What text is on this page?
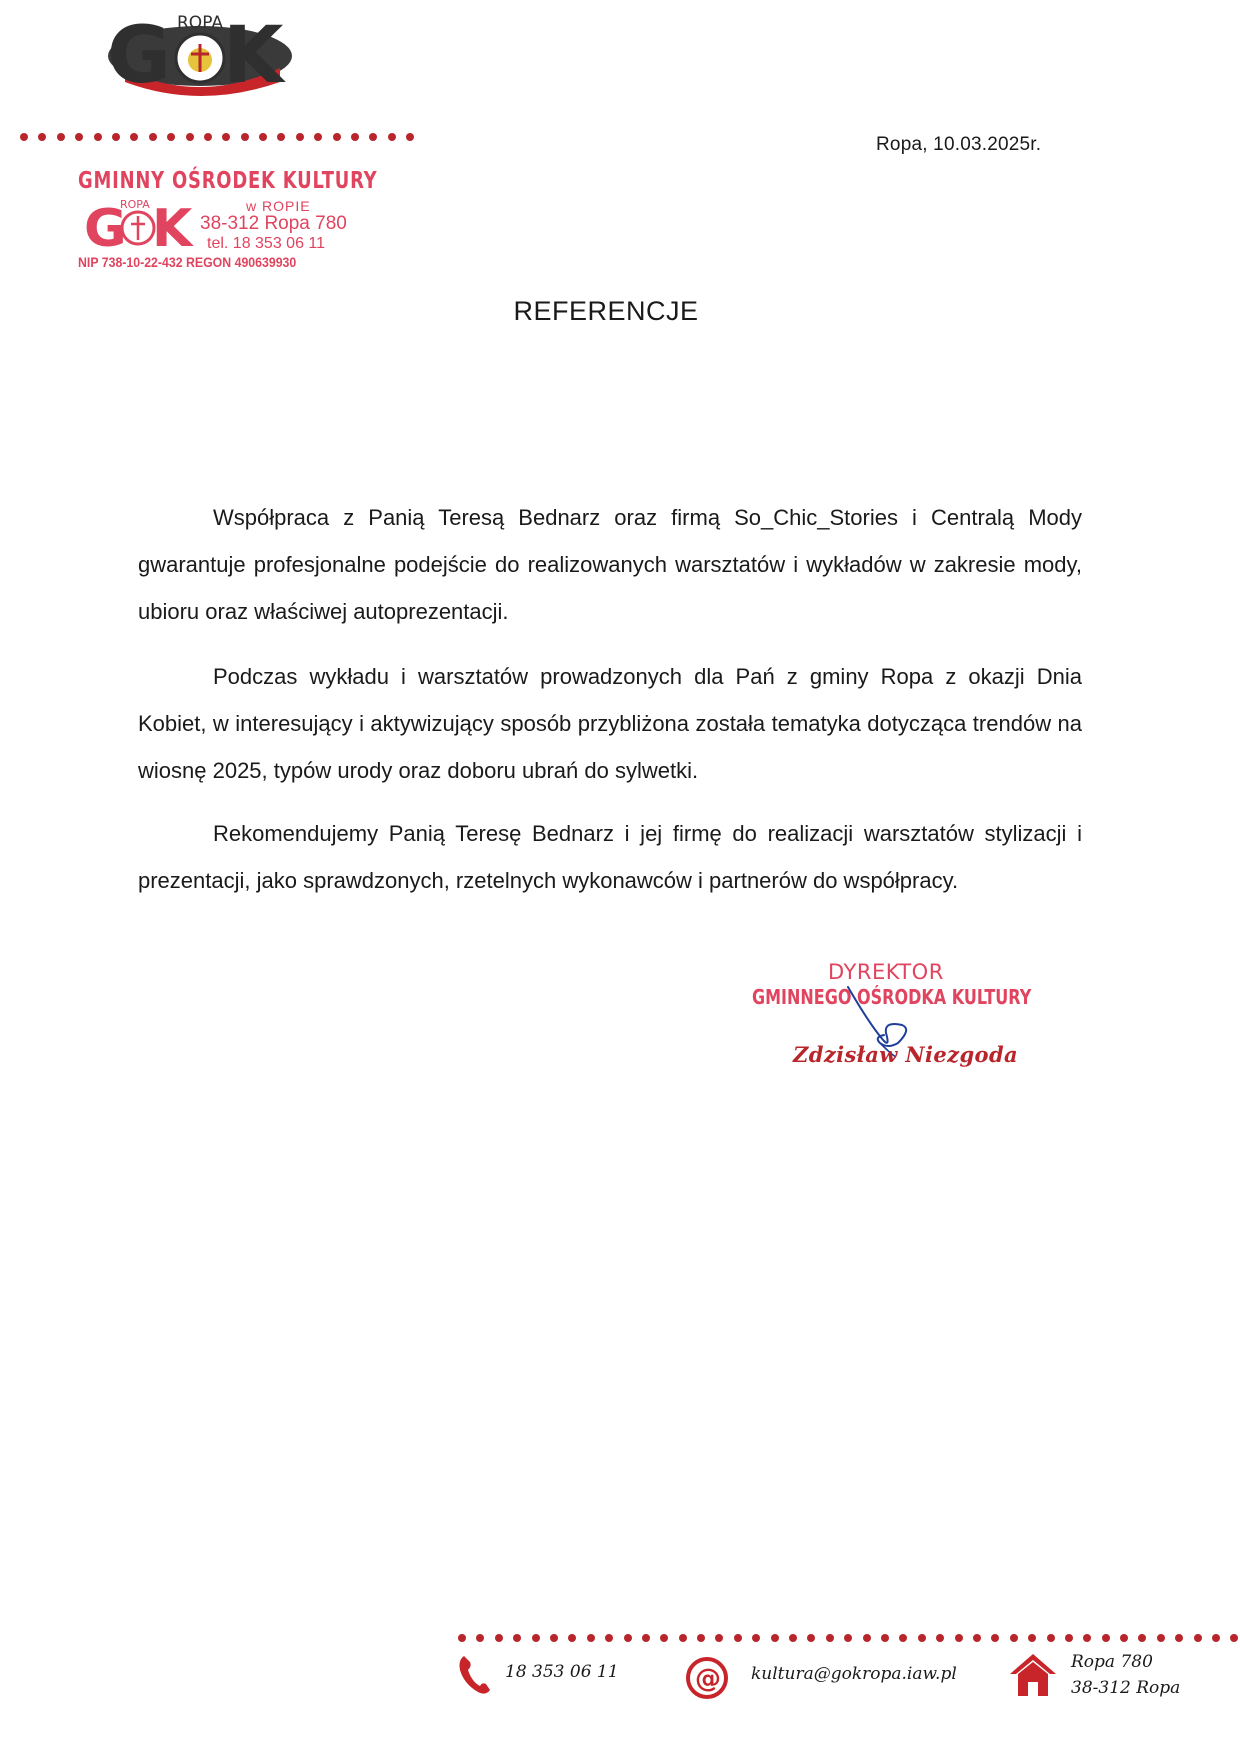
G K
ROPA
Ropa, 10.03.2025r.
GMINNY OŚRODEK KULTURY
G K
ROPA	w ROPIE
38-312 Ropa 780
tel. 18 353 06 11
NIP 738-10-22-432 REGON 490639930
REFERENCJE

Współpraca z Panią Teresą Bednarz oraz firmą So_Chic_Stories i Centralą Mody gwarantuje profesjonalne podejście do realizowanych warsztatów i wykładów w zakresie mody, ubioru oraz właściwej autoprezentacji.

Podczas wykładu i warsztatów prowadzonych dla Pań z gminy Ropa z okazji Dnia Kobiet, w interesujący i aktywizujący sposób przybliżona została tematyka dotycząca trendów na wiosnę 2025, typów urody oraz doboru ubrań do sylwetki.

Rekomendujemy Panią Teresę Bednarz i jej firmę do realizacji warsztatów stylizacji i prezentacji, jako sprawdzonych, rzetelnych wykonawców i partnerów do współpracy.

DYREKTOR
GMINNEGO OŚRODKA KULTURY
Zdzisław Niezgoda
18 353 06 11	@ kultura@gokropa.iaw.pl
Ropa 780
38-312 Ropa
